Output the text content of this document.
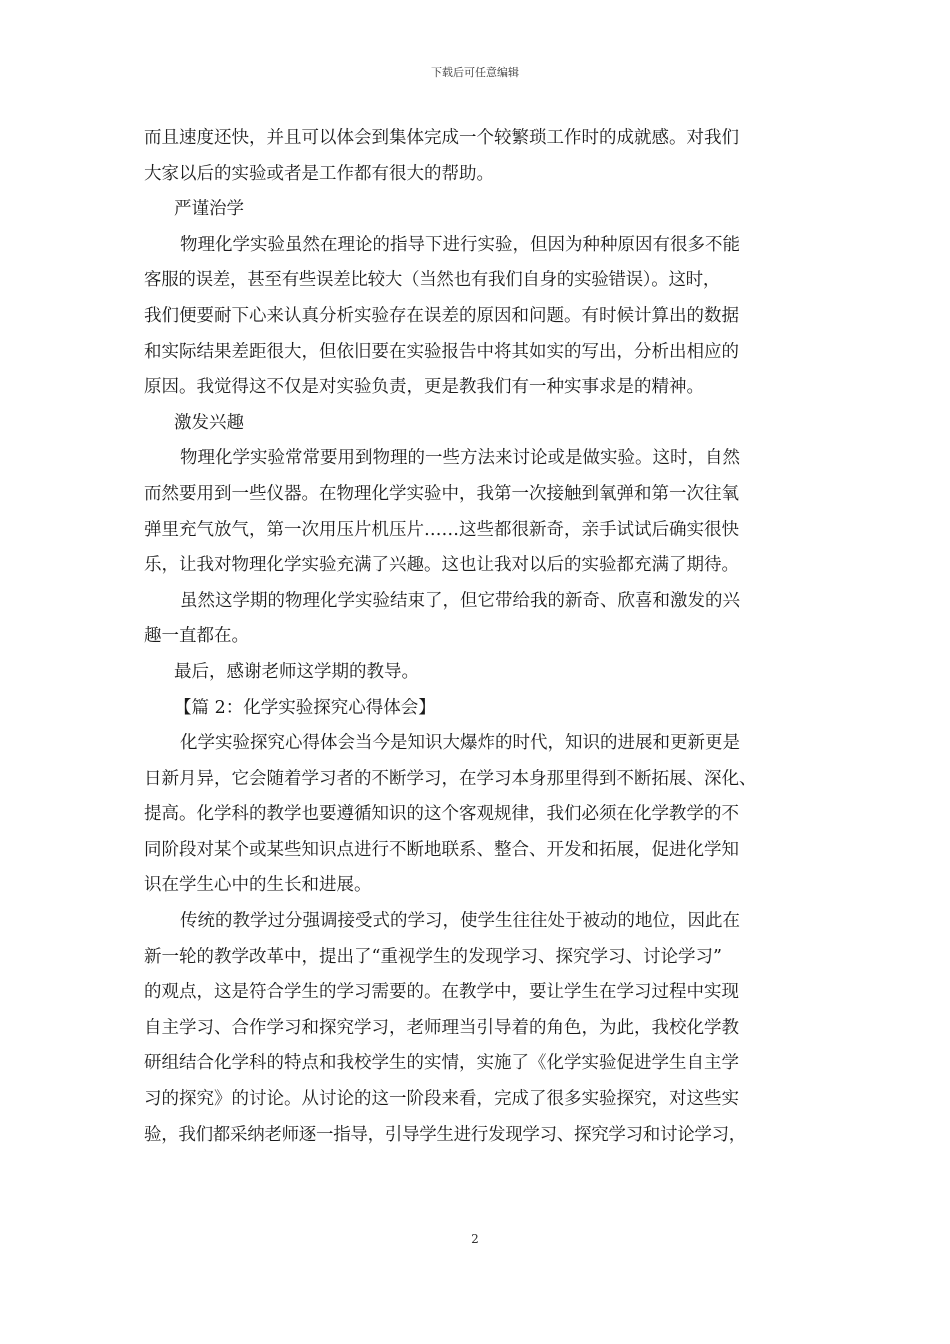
下载后可任意编辑
而且速度还快，并且可以体会到集体完成一个较繁琐工作时的成就感。对我们
大家以后的实验或者是工作都有很大的帮助。
严谨治学
物理化学实验虽然在理论的指导下进行实验，但因为种种原因有很多不能
客服的误差，甚至有些误差比较大（当然也有我们自身的实验错误）。这时，
我们便要耐下心来认真分析实验存在误差的原因和问题。有时候计算出的数据
和实际结果差距很大，但依旧要在实验报告中将其如实的写出，分析出相应的
原因。我觉得这不仅是对实验负责，更是教我们有一种实事求是的精神。
激发兴趣
物理化学实验常常要用到物理的一些方法来讨论或是做实验。这时，自然
而然要用到一些仪器。在物理化学实验中，我第一次接触到氧弹和第一次往氧
弹里充气放气，第一次用压片机压片……这些都很新奇，亲手试试后确实很快
乐，让我对物理化学实验充满了兴趣。这也让我对以后的实验都充满了期待。
虽然这学期的物理化学实验结束了，但它带给我的新奇、欣喜和激发的兴
趣一直都在。
最后，感谢老师这学期的教导。
【篇 2：化学实验探究心得体会】
化学实验探究心得体会当今是知识大爆炸的时代，知识的进展和更新更是
日新月异，它会随着学习者的不断学习，在学习本身那里得到不断拓展、深化、
提高。化学科的教学也要遵循知识的这个客观规律，我们必须在化学教学的不
同阶段对某个或某些知识点进行不断地联系、整合、开发和拓展，促进化学知
识在学生心中的生长和进展。
传统的教学过分强调接受式的学习，使学生往往处于被动的地位，因此在
新一轮的教学改革中，提出了“重视学生的发现学习、探究学习、讨论学习”
的观点，这是符合学生的学习需要的。在教学中，要让学生在学习过程中实现
自主学习、合作学习和探究学习，老师理当引导着的角色，为此，我校化学教
研组结合化学科的特点和我校学生的实情，实施了《化学实验促进学生自主学
习的探究》的讨论。从讨论的这一阶段来看，完成了很多实验探究，对这些实
验，我们都采纳老师逐一指导，引导学生进行发现学习、探究学习和讨论学习，
2
